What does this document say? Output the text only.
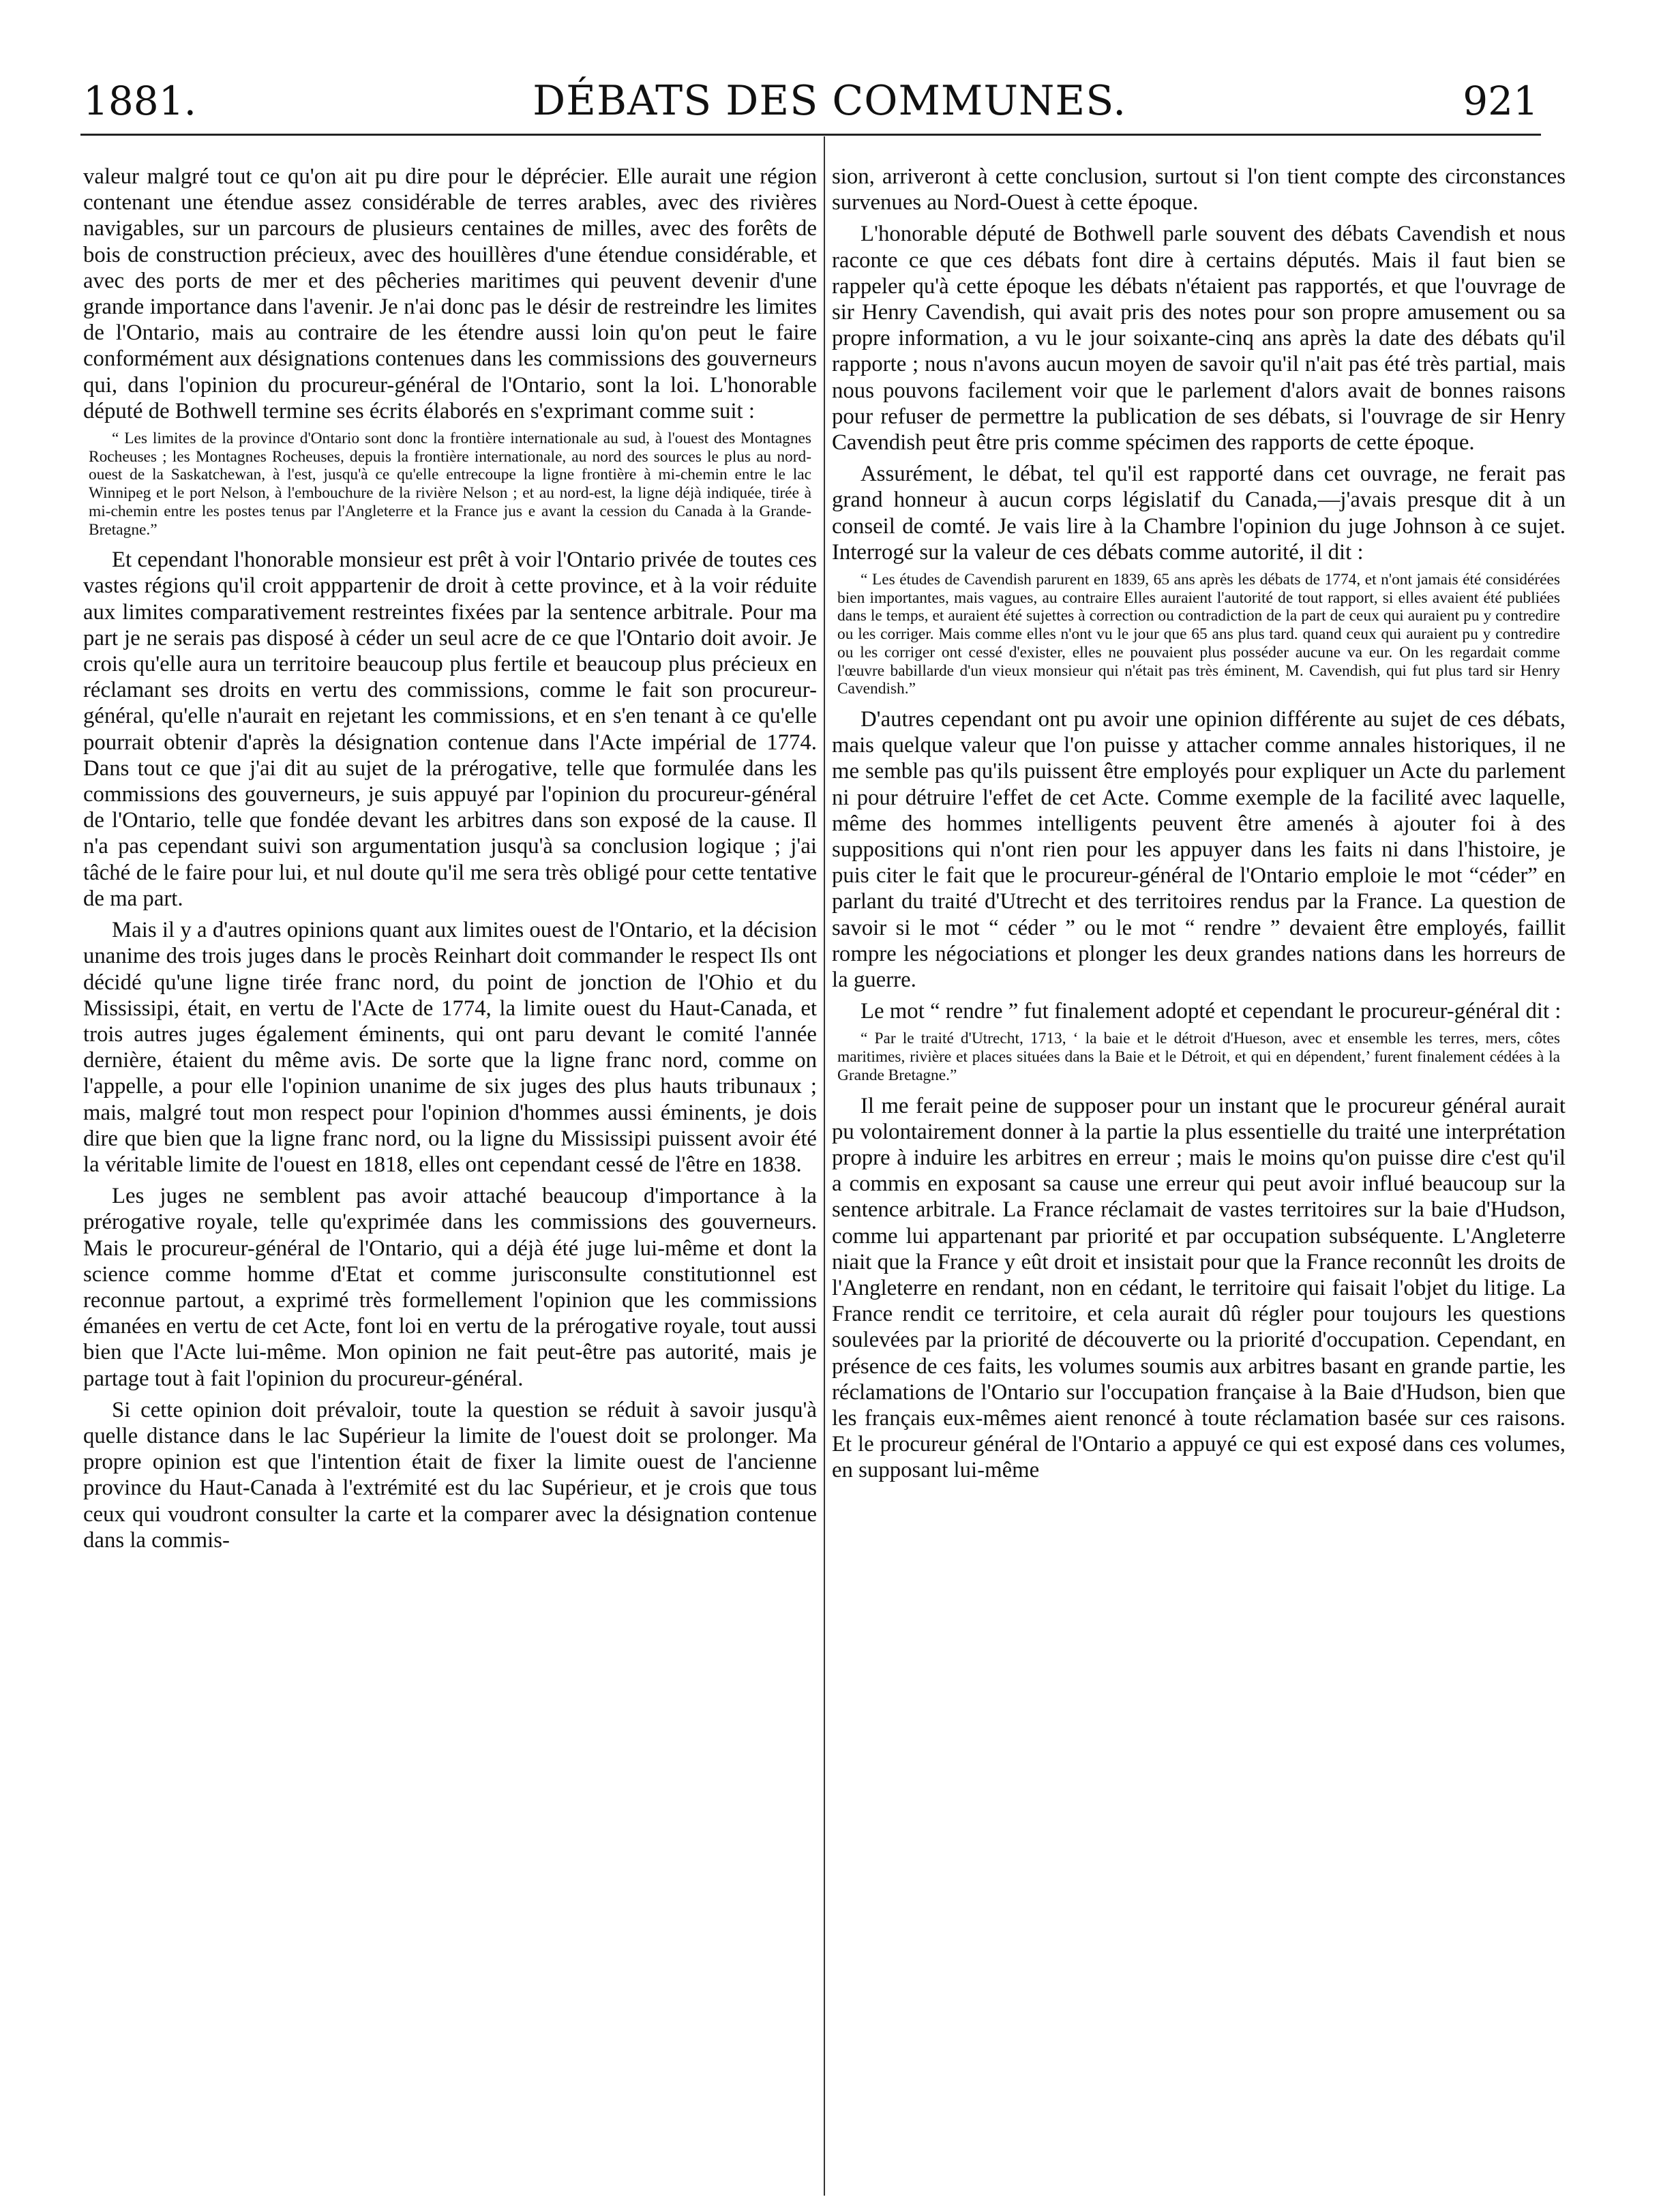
1881.	DÉBATS DES COMMUNES.	921

valeur malgré tout ce qu'on ait pu dire pour le déprécier. Elle aurait une région contenant une étendue assez considérable de terres arables, avec des rivières navigables, sur un parcours de plusieurs centaines de milles, avec des forêts de bois de construction précieux, avec des houillères d'une étendue considérable, et avec des ports de mer et des pêcheries maritimes qui peuvent devenir d'une grande importance dans l'avenir. Je n'ai donc pas le désir de restreindre les limites de l'Ontario, mais au contraire de les étendre aussi loin qu'on peut le faire conformément aux désignations contenues dans les commissions des gouverneurs qui, dans l'opinion du procureur-général de l'Ontario, sont la loi. L'honorable député de Bothwell termine ses écrits élaborés en s'exprimant comme suit :

“ Les limites de la province d'Ontario sont donc la frontière internationale au sud, à l'ouest des Montagnes Rocheuses ; les Montagnes Rocheuses, depuis la frontière internationale, au nord des sources le plus au nord-ouest de la Saskatchewan, à l'est, jusqu'à ce qu'elle entrecoupe la ligne frontière à mi-chemin entre le lac Winnipeg et le port Nelson, à l'embouchure de la rivière Nelson ; et au nord-est, la ligne déjà indiquée, tirée à mi-chemin entre les postes tenus par l'Angleterre et la France jus e avant la cession du Canada à la Grande-Bretagne.”

Et cependant l'honorable monsieur est prêt à voir l'Ontario privée de toutes ces vastes régions qu'il croit apppartenir de droit à cette province, et à la voir réduite aux limites comparativement restreintes fixées par la sentence arbitrale. Pour ma part je ne serais pas disposé à céder un seul acre de ce que l'Ontario doit avoir. Je crois qu'elle aura un territoire beaucoup plus fertile et beaucoup plus précieux en réclamant ses droits en vertu des commissions, comme le fait son procureur-général, qu'elle n'aurait en rejetant les commissions, et en s'en tenant à ce qu'elle pourrait obtenir d'après la désignation contenue dans l'Acte impérial de 1774. Dans tout ce que j'ai dit au sujet de la prérogative, telle que formulée dans les commissions des gouverneurs, je suis appuyé par l'opinion du procureur-général de l'Ontario, telle que fondée devant les arbitres dans son exposé de la cause. Il n'a pas cependant suivi son argumentation jusqu'à sa conclusion logique ; j'ai tâché de le faire pour lui, et nul doute qu'il me sera très obligé pour cette tentative de ma part.

Mais il y a d'autres opinions quant aux limites ouest de l'Ontario, et la décision unanime des trois juges dans le procès Reinhart doit commander le respect Ils ont décidé qu'une ligne tirée franc nord, du point de jonction de l'Ohio et du Mississipi, était, en vertu de l'Acte de 1774, la limite ouest du Haut-Canada, et trois autres juges également éminents, qui ont paru devant le comité l'année dernière, étaient du même avis. De sorte que la ligne franc nord, comme on l'appelle, a pour elle l'opinion unanime de six juges des plus hauts tribunaux ; mais, malgré tout mon respect pour l'opinion d'hommes aussi éminents, je dois dire que bien que la ligne franc nord, ou la ligne du Mississipi puissent avoir été la véritable limite de l'ouest en 1818, elles ont cependant cessé de l'être en 1838.

Les juges ne semblent pas avoir attaché beaucoup d'importance à la prérogative royale, telle qu'exprimée dans les commissions des gouverneurs. Mais le procureur-général de l'Ontario, qui a déjà été juge lui-même et dont la science comme homme d'Etat et comme jurisconsulte constitutionnel est reconnue partout, a exprimé très formellement l'opinion que les commissions émanées en vertu de cet Acte, font loi en vertu de la prérogative royale, tout aussi bien que l'Acte lui-même. Mon opinion ne fait peut-être pas autorité, mais je partage tout à fait l'opinion du procureur-général.

Si cette opinion doit prévaloir, toute la question se réduit à savoir jusqu'à quelle distance dans le lac Supérieur la limite de l'ouest doit se prolonger. Ma propre opinion est que l'intention était de fixer la limite ouest de l'ancienne province du Haut-Canada à l'extrémité est du lac Supérieur, et je crois que tous ceux qui voudront consulter la carte et la comparer avec la désignation contenue dans la commis-

sion, arriveront à cette conclusion, surtout si l'on tient compte des circonstances survenues au Nord-Ouest à cette époque.

L'honorable député de Bothwell parle souvent des débats Cavendish et nous raconte ce que ces débats font dire à certains députés. Mais il faut bien se rappeler qu'à cette époque les débats n'étaient pas rapportés, et que l'ouvrage de sir Henry Cavendish, qui avait pris des notes pour son propre amusement ou sa propre information, a vu le jour soixante-cinq ans après la date des débats qu'il rapporte ; nous n'avons aucun moyen de savoir qu'il n'ait pas été très partial, mais nous pouvons facilement voir que le parlement d'alors avait de bonnes raisons pour refuser de permettre la publication de ses débats, si l'ouvrage de sir Henry Cavendish peut être pris comme spécimen des rapports de cette époque.

Assurément, le débat, tel qu'il est rapporté dans cet ouvrage, ne ferait pas grand honneur à aucun corps législatif du Canada,—j'avais presque dit à un conseil de comté. Je vais lire à la Chambre l'opinion du juge Johnson à ce sujet. Interrogé sur la valeur de ces débats comme autorité, il dit :

“ Les études de Cavendish parurent en 1839, 65 ans après les débats de 1774, et n'ont jamais été considérées bien importantes, mais vagues, au contraire Elles auraient l'autorité de tout rapport, si elles avaient été publiées dans le temps, et auraient été sujettes à correction ou contradiction de la part de ceux qui auraient pu y contredire ou les corriger. Mais comme elles n'ont vu le jour que 65 ans plus tard. quand ceux qui auraient pu y contredire ou les corriger ont cessé d'exister, elles ne pouvaient plus posséder aucune va eur. On les regardait comme l'œuvre babillarde d'un vieux monsieur qui n'était pas très éminent, M. Cavendish, qui fut plus tard sir Henry Cavendish.”

D'autres cependant ont pu avoir une opinion différente au sujet de ces débats, mais quelque valeur que l'on puisse y attacher comme annales historiques, il ne me semble pas qu'ils puissent être employés pour expliquer un Acte du parlement ni pour détruire l'effet de cet Acte. Comme exemple de la facilité avec laquelle, même des hommes intelligents peuvent être amenés à ajouter foi à des suppositions qui n'ont rien pour les appuyer dans les faits ni dans l'histoire, je puis citer le fait que le procureur-général de l'Ontario emploie le mot “céder” en parlant du traité d'Utrecht et des territoires rendus par la France. La question de savoir si le mot “ céder ” ou le mot “ rendre ” devaient être employés, faillit rompre les négociations et plonger les deux grandes nations dans les horreurs de la guerre.

Le mot “ rendre ” fut finalement adopté et cependant le procureur-général dit :

“ Par le traité d'Utrecht, 1713, ‘ la baie et le détroit d'Hueson, avec et ensemble les terres, mers, côtes maritimes, rivière et places situées dans la Baie et le Détroit, et qui en dépendent,’ furent finalement cédées à la Grande Bretagne.”

Il me ferait peine de supposer pour un instant que le procureur général aurait pu volontairement donner à la partie la plus essentielle du traité une interprétation propre à induire les arbitres en erreur ; mais le moins qu'on puisse dire c'est qu'il a commis en exposant sa cause une erreur qui peut avoir influé beaucoup sur la sentence arbitrale. La France réclamait de vastes territoires sur la baie d'Hudson, comme lui appartenant par priorité et par occupation subséquente. L'Angleterre niait que la France y eût droit et insistait pour que la France reconnût les droits de l'Angleterre en rendant, non en cédant, le territoire qui faisait l'objet du litige. La France rendit ce territoire, et cela aurait dû régler pour toujours les questions soulevées par la priorité de découverte ou la priorité d'occupation. Cependant, en présence de ces faits, les volumes soumis aux arbitres basant en grande partie, les réclamations de l'Ontario sur l'occupation française à la Baie d'Hudson, bien que les français eux-mêmes aient renoncé à toute réclamation basée sur ces raisons. Et le procureur général de l'Ontario a appuyé ce qui est exposé dans ces volumes, en supposant lui-même
